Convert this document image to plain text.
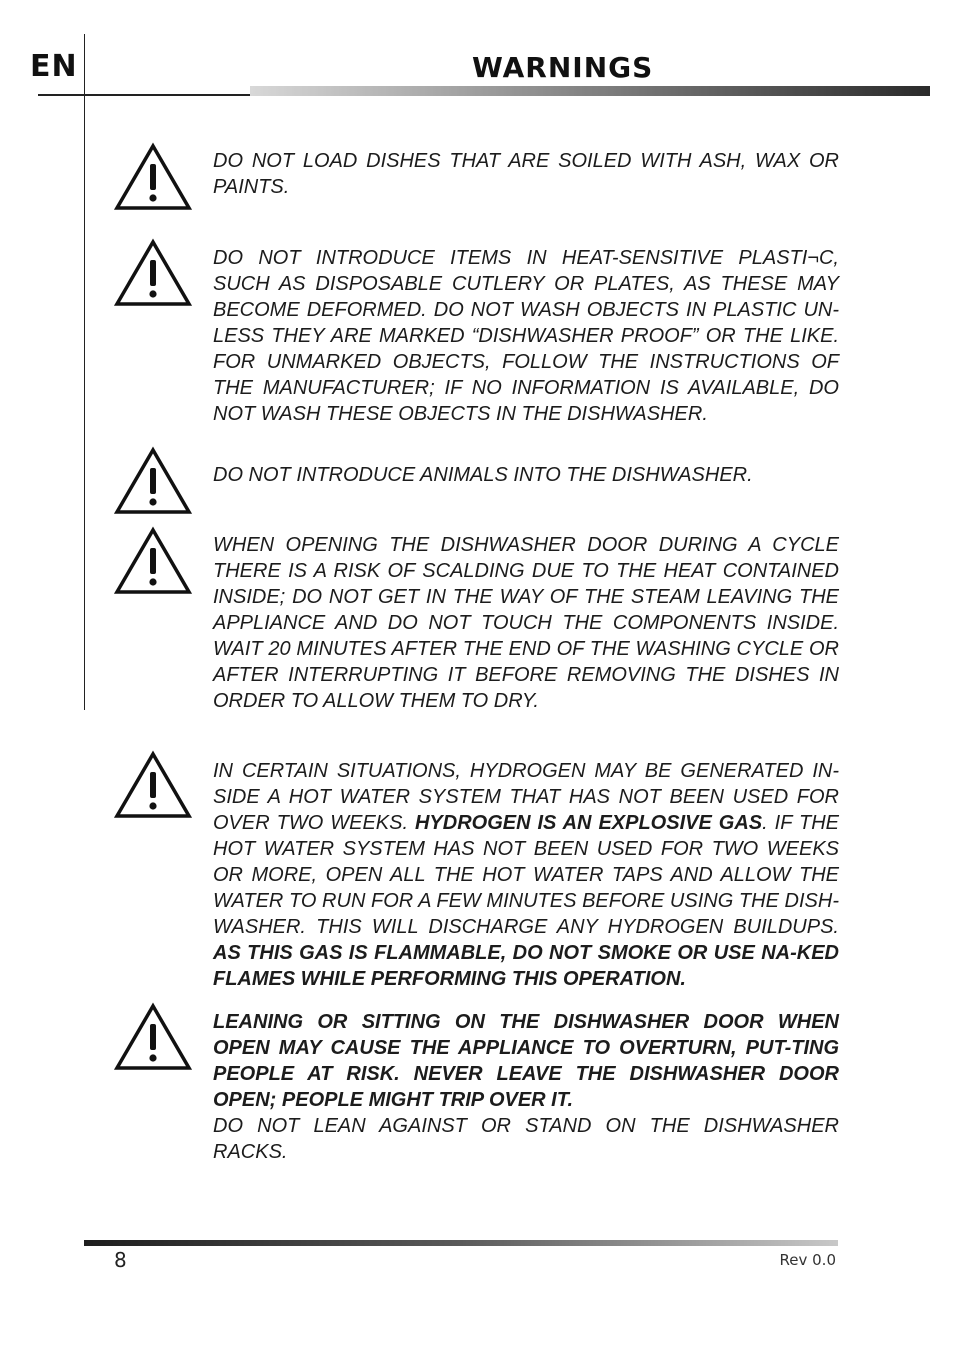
EN	WARNINGS

DO NOT LOAD DISHES THAT ARE SOILED WITH ASH, WAX OR PAINTS.

DO NOT INTRODUCE ITEMS IN HEAT-SENSITIVE PLASTI¬C, SUCH AS DISPOSABLE CUTLERY OR PLATES, AS THESE MAY BECOME DEFORMED. DO NOT WASH OBJECTS IN PLASTIC UN-LESS THEY ARE MARKED “DISHWASHER PROOF” OR THE LIKE. FOR UNMARKED OBJECTS, FOLLOW THE INSTRUCTIONS OF THE MANUFACTURER; IF NO INFORMATION IS AVAILABLE, DO NOT WASH THESE OBJECTS IN THE DISHWASHER.

DO NOT INTRODUCE ANIMALS INTO THE DISHWASHER.

WHEN OPENING THE DISHWASHER DOOR DURING A CYCLE THERE IS A RISK OF SCALDING DUE TO THE HEAT CONTAINED INSIDE; DO NOT GET IN THE WAY OF THE STEAM LEAVING THE APPLIANCE AND DO NOT TOUCH THE COMPONENTS INSIDE. WAIT 20 MINUTES AFTER THE END OF THE WASHING CYCLE OR AFTER INTERRUPTING IT BEFORE REMOVING THE DISHES IN ORDER TO ALLOW THEM TO DRY.

IN CERTAIN SITUATIONS, HYDROGEN MAY BE GENERATED IN-SIDE A HOT WATER SYSTEM THAT HAS NOT BEEN USED FOR OVER TWO WEEKS. HYDROGEN IS AN EXPLOSIVE GAS. IF THE HOT WATER SYSTEM HAS NOT BEEN USED FOR TWO WEEKS OR MORE, OPEN ALL THE HOT WATER TAPS AND ALLOW THE WATER TO RUN FOR A FEW MINUTES BEFORE USING THE DISH-WASHER. THIS WILL DISCHARGE ANY HYDROGEN BUILDUPS. AS THIS GAS IS FLAMMABLE, DO NOT SMOKE OR USE NA-KED FLAMES WHILE PERFORMING THIS OPERATION.

LEANING OR SITTING ON THE DISHWASHER DOOR WHEN OPEN MAY CAUSE THE APPLIANCE TO OVERTURN, PUT-TING PEOPLE AT RISK. NEVER LEAVE THE DISHWASHER DOOR OPEN; PEOPLE MIGHT TRIP OVER IT.

DO NOT LEAN AGAINST OR STAND ON THE DISHWASHER RACKS.

8	Rev 0.0
